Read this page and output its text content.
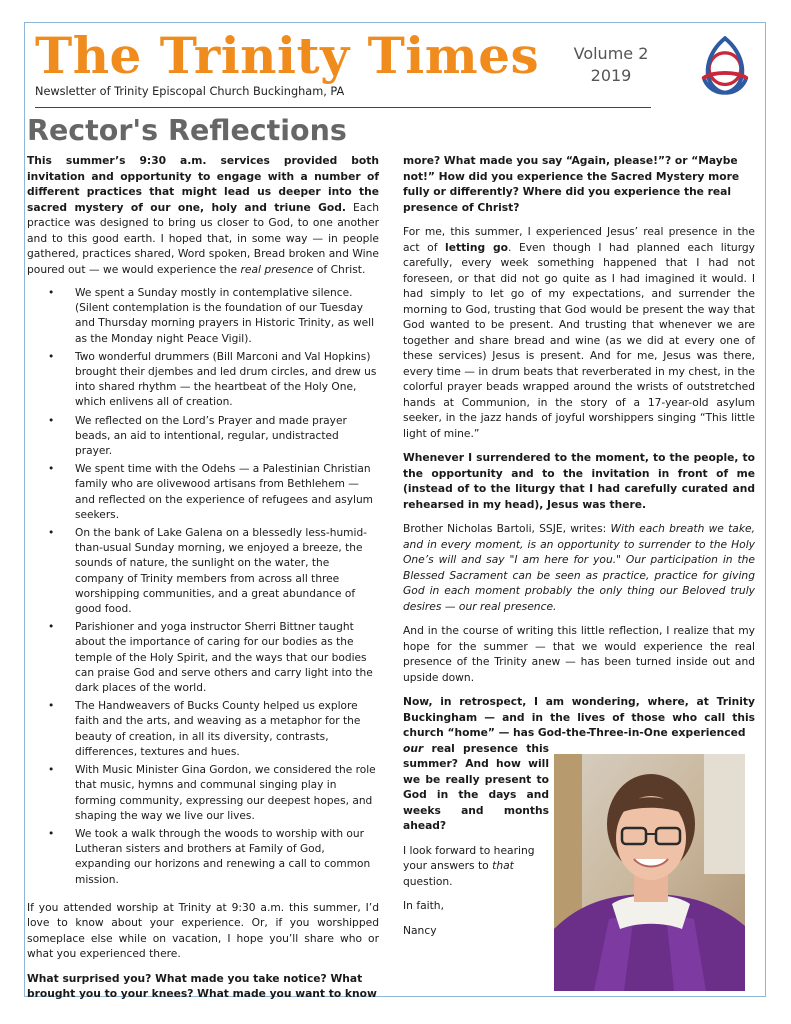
The Trinity Times
Newsletter of Trinity Episcopal Church Buckingham, PA
Volume 2
2019
Rector's Reflections

This summer’s 9:30 a.m. services provided both invitation and opportunity to engage with a number of different practices that might lead us deeper into the sacred mystery of our one, holy and triune God. Each practice was designed to bring us closer to God, to one another and to this good earth. I hoped that, in some way — in people gathered, practices shared, Word spoken, Bread broken and Wine poured out — we would experience the real presence of Christ.

• We spent a Sunday mostly in contemplative silence. (Silent contemplation is the foundation of our Tuesday and Thursday morning prayers in Historic Trinity, as well as the Monday night Peace Vigil).
• Two wonderful drummers (Bill Marconi and Val Hopkins) brought their djembes and led drum circles, and drew us into shared rhythm — the heartbeat of the Holy One, which enlivens all of creation.
• We reflected on the Lord’s Prayer and made prayer beads, an aid to intentional, regular, undistracted prayer.
• We spent time with the Odehs — a Palestinian Christian family who are olivewood artisans from Bethlehem — and reflected on the experience of refugees and asylum seekers.
• On the bank of Lake Galena on a blessedly less-humid-than-usual Sunday morning, we enjoyed a breeze, the sounds of nature, the sunlight on the water, the company of Trinity members from across all three worshipping communities, and a great abundance of good food.
• Parishioner and yoga instructor Sherri Bittner taught about the importance of caring for our bodies as the temple of the Holy Spirit, and the ways that our bodies can praise God and serve others and carry light into the dark places of the world.
• The Handweavers of Bucks County helped us explore faith and the arts, and weaving as a metaphor for the beauty of creation, in all its diversity, contrasts, differences, textures and hues.
• With Music Minister Gina Gordon, we considered the role that music, hymns and communal singing play in forming community, expressing our deepest hopes, and shaping the way we live our lives.
• We took a walk through the woods to worship with our Lutheran sisters and brothers at Family of God, expanding our horizons and renewing a call to common mission.

If you attended worship at Trinity at 9:30 a.m. this summer, I’d love to know about your experience. Or, if you worshipped someplace else while on vacation, I hope you’ll share who or what you experienced there.

What surprised you? What made you take notice? What brought you to your knees? What made you want to know

more? What made you say “Again, please!”? or “Maybe not!” How did you experience the Sacred Mystery more fully or differently? Where did you experience the real presence of Christ?

For me, this summer, I experienced Jesus’ real presence in the act of letting go. Even though I had planned each liturgy carefully, every week something happened that I had not foreseen, or that did not go quite as I had imagined it would. I had simply to let go of my expectations, and surrender the morning to God, trusting that God would be present the way that God wanted to be present. And trusting that whenever we are together and share bread and wine (as we did at every one of these services) Jesus is present. And for me, Jesus was there, every time — in drum beats that reverberated in my chest, in the colorful prayer beads wrapped around the wrists of outstretched hands at Communion, in the story of a 17-year-old asylum seeker, in the jazz hands of joyful worshippers singing “This little light of mine.”

Whenever I surrendered to the moment, to the people, to the opportunity and to the invitation in front of me (instead of to the liturgy that I had carefully curated and rehearsed in my head), Jesus was there.

Brother Nicholas Bartoli, SSJE, writes: With each breath we take, and in every moment, is an opportunity to surrender to the Holy One’s will and say "I am here for you." Our participation in the Blessed Sacrament can be seen as practice, practice for giving God in each moment probably the only thing our Beloved truly desires — our real presence.

And in the course of writing this little reflection, I realize that my hope for the summer — that we would experience the real presence of the Trinity anew — has been turned inside out and upside down.

Now, in retrospect, I am wondering, where, at Trinity Buckingham — and in the lives of those who call this church “home” — has God-the-Three-in-One experienced

our real presence this summer? And how will we be really present to God in the days and weeks and months ahead?

I look forward to hearing your answers to that question.

In faith,

Nancy
